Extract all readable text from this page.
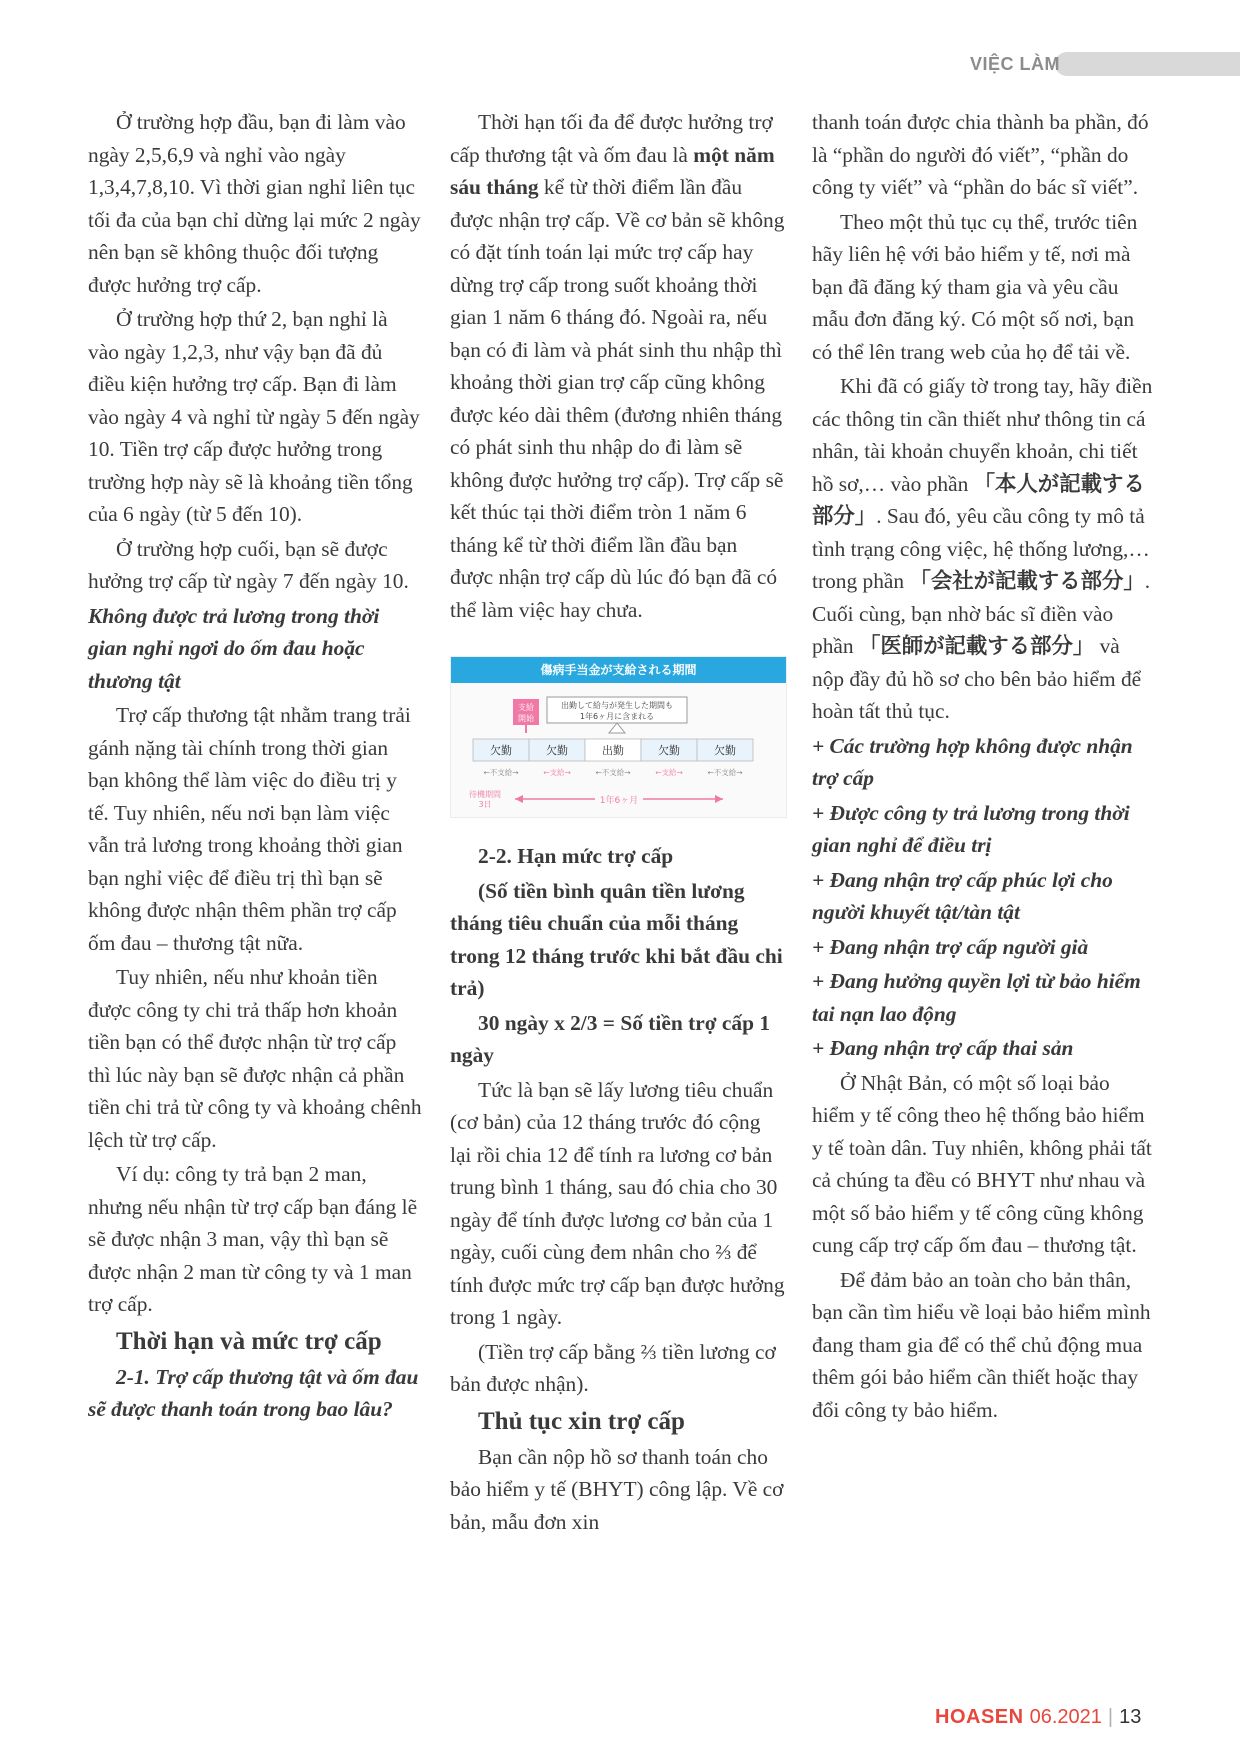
VIỆC LÀM

Ở trường hợp đầu, bạn đi làm vào ngày 2,5,6,9 và nghỉ vào ngày 1,3,4,7,8,10. Vì thời gian nghỉ liên tục tối đa của bạn chỉ dừng lại mức 2 ngày nên bạn sẽ không thuộc đối tượng được hưởng trợ cấp.

Ở trường hợp thứ 2, bạn nghỉ là vào ngày 1,2,3, như vậy bạn đã đủ điều kiện hưởng trợ cấp. Bạn đi làm vào ngày 4 và nghỉ từ ngày 5 đến ngày 10. Tiền trợ cấp được hưởng trong trường hợp này sẽ là khoảng tiền tổng của 6 ngày (từ 5 đến 10).

Ở trường hợp cuối, bạn sẽ được hưởng trợ cấp từ ngày 7 đến ngày 10.

Không được trả lương trong thời gian nghỉ ngơi do ốm đau hoặc thương tật

Trợ cấp thương tật nhằm trang trải gánh nặng tài chính trong thời gian bạn không thể làm việc do điều trị y tế. Tuy nhiên, nếu nơi bạn làm việc vẫn trả lương trong khoảng thời gian bạn nghỉ việc để điều trị thì bạn sẽ không được nhận thêm phần trợ cấp ốm đau – thương tật nữa.

Tuy nhiên, nếu như khoản tiền được công ty chi trả thấp hơn khoản tiền bạn có thể được nhận từ trợ cấp thì lúc này bạn sẽ được nhận cả phần tiền chi trả từ công ty và khoảng chênh lệch từ trợ cấp.

Ví dụ: công ty trả bạn 2 man, nhưng nếu nhận từ trợ cấp bạn đáng lẽ sẽ được nhận 3 man, vậy thì bạn sẽ được nhận 2 man từ công ty và 1 man trợ cấp.

Thời hạn và mức trợ cấp

2-1. Trợ cấp thương tật và ốm đau sẽ được thanh toán trong bao lâu?

Thời hạn tối đa để được hưởng trợ cấp thương tật và ốm đau là một năm sáu tháng kể từ thời điểm lần đầu được nhận trợ cấp. Về cơ bản sẽ không có đặt tính toán lại mức trợ cấp hay dừng trợ cấp trong suốt khoảng thời gian 1 năm 6 tháng đó. Ngoài ra, nếu bạn có đi làm và phát sinh thu nhập thì khoảng thời gian trợ cấp cũng không được kéo dài thêm (đương nhiên tháng có phát sinh thu nhập do đi làm sẽ không được hưởng trợ cấp). Trợ cấp sẽ kết thúc tại thời điểm tròn 1 năm 6 tháng kể từ thời điểm lần đầu bạn được nhận trợ cấp dù lúc đó bạn đã có thể làm việc hay chưa.

傷病手当金が支給される期間
支給
開始
出勤して給与が発生した期間も
1年6ヶ月に含まれる
欠勤
←不支給→
欠勤
←支給→
出勤
←不支給→
欠勤
←支給→
欠勤
←不支給→
待機期間
3日	1年6ヶ月

2-2. Hạn mức trợ cấp

(Số tiền bình quân tiền lương tháng tiêu chuẩn của mỗi tháng trong 12 tháng trước khi bắt đầu chi trả)

30 ngày x 2/3 = Số tiền trợ cấp 1 ngày

Tức là bạn sẽ lấy lương tiêu chuẩn (cơ bản) của 12 tháng trước đó cộng lại rồi chia 12 để tính ra lương cơ bản trung bình 1 tháng, sau đó chia cho 30 ngày để tính được lương cơ bản của 1 ngày, cuối cùng đem nhân cho ⅔ để tính được mức trợ cấp bạn được hưởng trong 1 ngày.

(Tiền trợ cấp bằng ⅔ tiền lương cơ bản được nhận).

Thủ tục xin trợ cấp

Bạn cần nộp hồ sơ thanh toán cho bảo hiểm y tế (BHYT) công lập. Về cơ bản, mẫu đơn xin

thanh toán được chia thành ba phần, đó là “phần do người đó viết”, “phần do công ty viết” và “phần do bác sĩ viết”.

Theo một thủ tục cụ thể, trước tiên hãy liên hệ với bảo hiểm y tế, nơi mà bạn đã đăng ký tham gia và yêu cầu mẫu đơn đăng ký. Có một số nơi, bạn có thể lên trang web của họ để tải về.

Khi đã có giấy tờ trong tay, hãy điền các thông tin cần thiết như thông tin cá nhân, tài khoản chuyển khoản, chi tiết hồ sơ,… vào phần 「本人が記載する部分」. Sau đó, yêu cầu công ty mô tả tình trạng công việc, hệ thống lương,… trong phần 「会社が記載する部分」. Cuối cùng, bạn nhờ bác sĩ điền vào phần 「医師が記載する部分」 và nộp đầy đủ hồ sơ cho bên bảo hiểm để hoàn tất thủ tục.

+ Các trường hợp không được nhận trợ cấp

+ Được công ty trả lương trong thời gian nghỉ để điều trị

+ Đang nhận trợ cấp phúc lợi cho người khuyết tật/tàn tật

+ Đang nhận trợ cấp người già

+ Đang hưởng quyền lợi từ bảo hiểm tai nạn lao động

+ Đang nhận trợ cấp thai sản

Ở Nhật Bản, có một số loại bảo hiểm y tế công theo hệ thống bảo hiểm y tế toàn dân. Tuy nhiên, không phải tất cả chúng ta đều có BHYT như nhau và một số bảo hiểm y tế công cũng không cung cấp trợ cấp ốm đau – thương tật.

Để đảm bảo an toàn cho bản thân, bạn cần tìm hiểu về loại bảo hiểm mình đang tham gia để có thể chủ động mua thêm gói bảo hiểm cần thiết hoặc thay đổi công ty bảo hiểm.

HOASEN 06.2021 | 13
